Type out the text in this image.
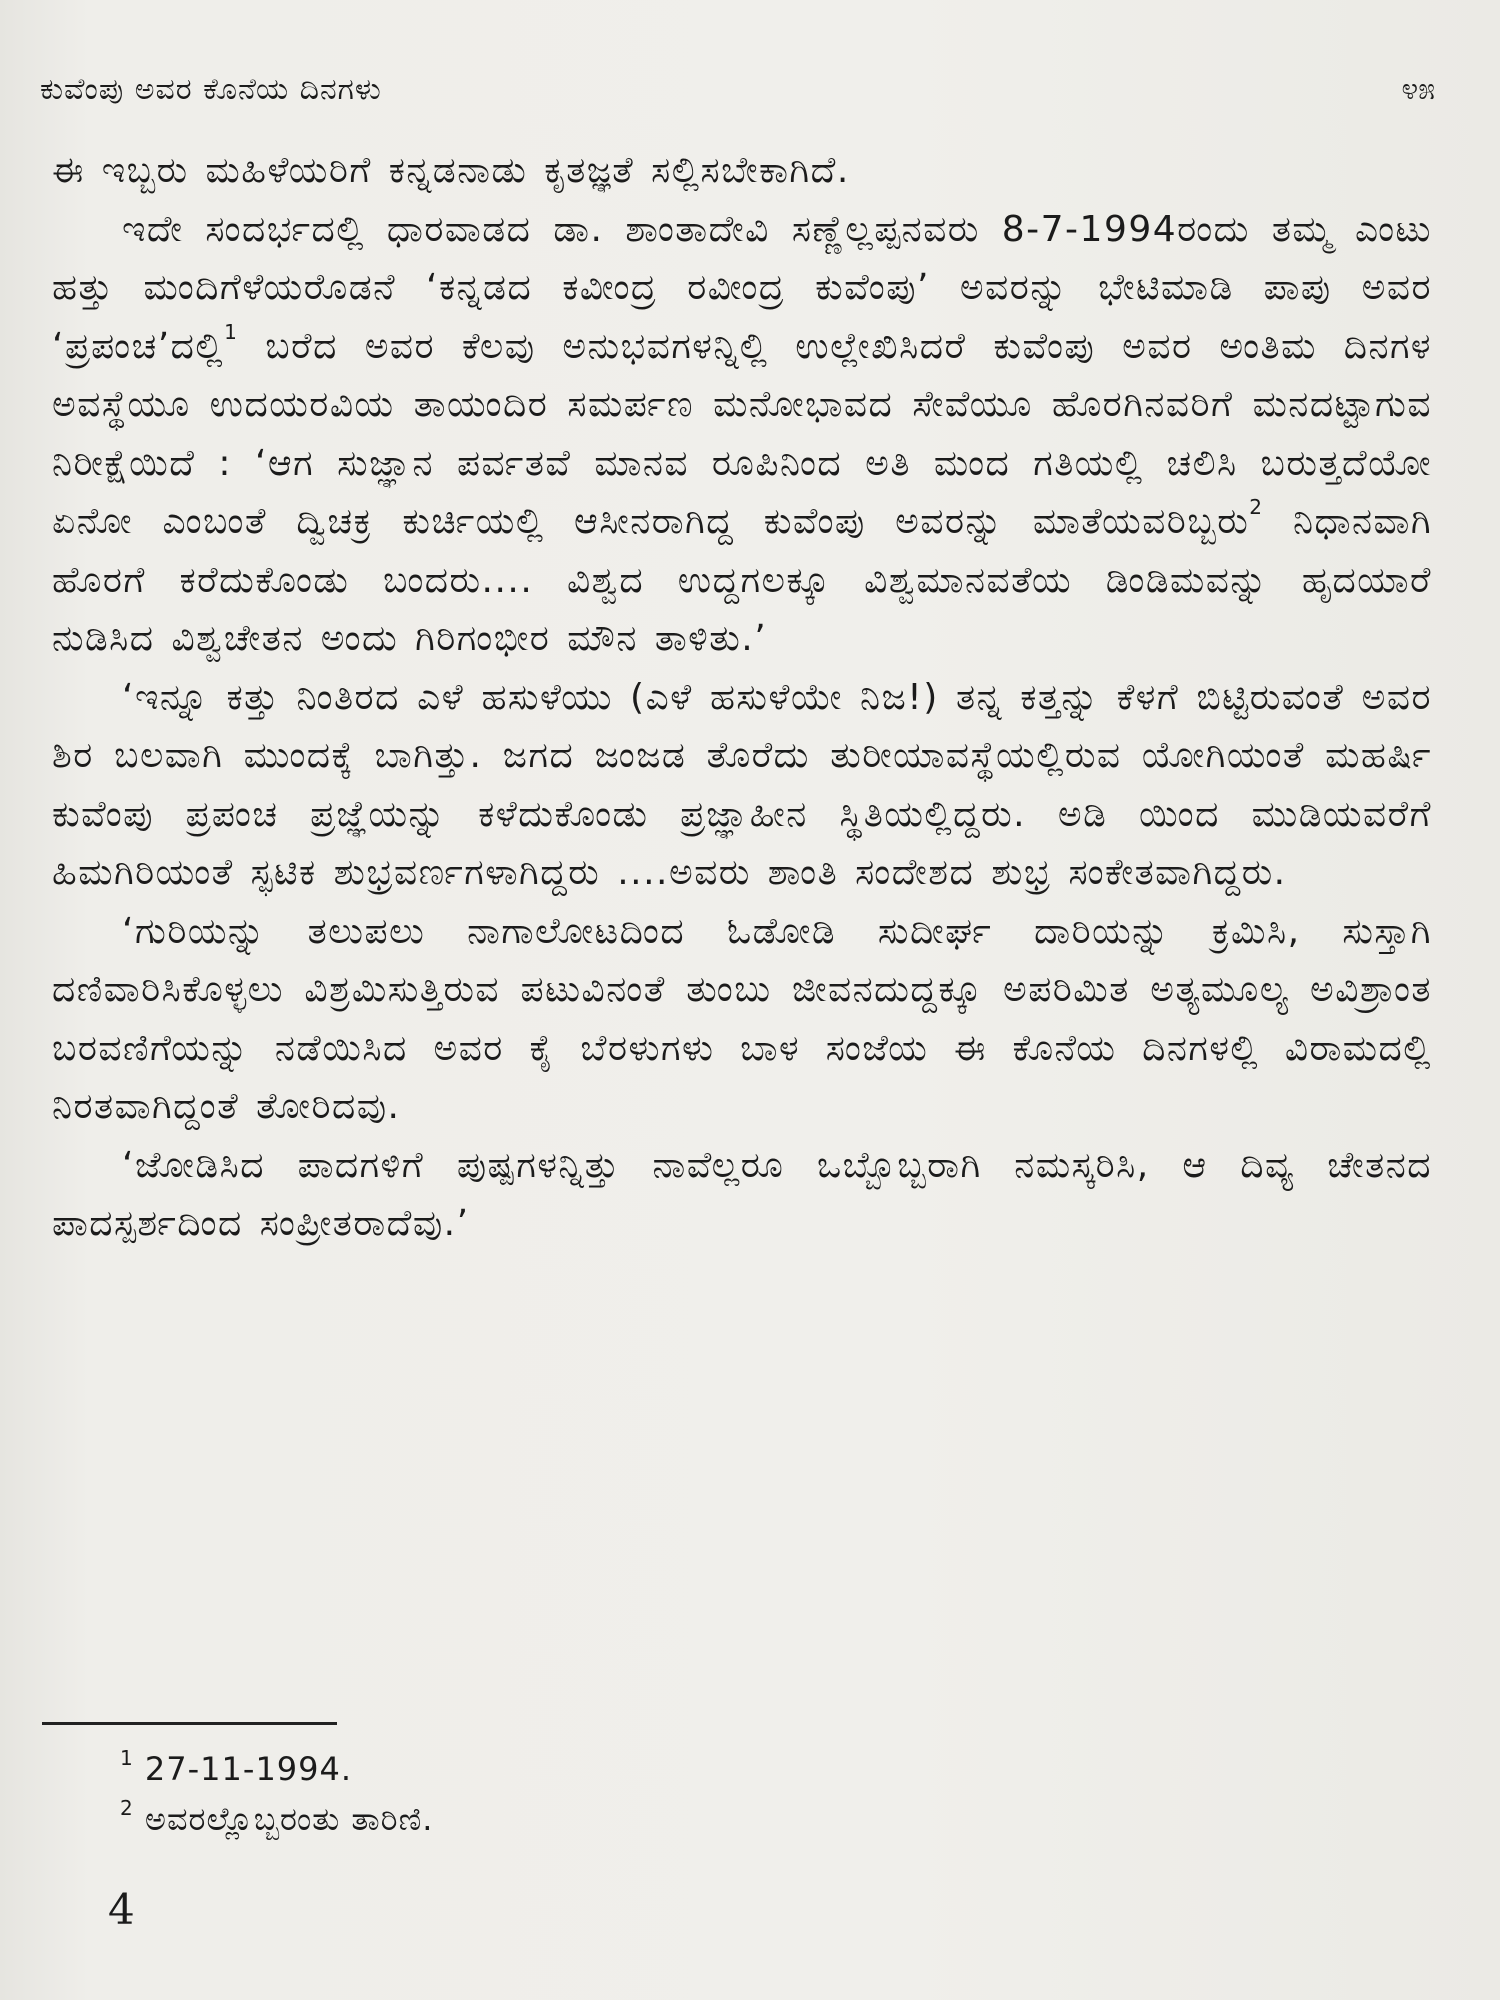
ಕುವೆಂಪು ಅವರ ಕೊನೆಯ ದಿನಗಳು	೪೫

ಈ ಇಬ್ಬರು ಮಹಿಳೆಯರಿಗೆ ಕನ್ನಡನಾಡು ಕೃತಜ್ಞತೆ ಸಲ್ಲಿಸಬೇಕಾಗಿದೆ.

ಇದೇ ಸಂದರ್ಭದಲ್ಲಿ ಧಾರವಾಡದ ಡಾ. ಶಾಂತಾದೇವಿ ಸಣ್ಣೆಲ್ಲಪ್ಪನವರು 8-7-1994ರಂದು ತಮ್ಮ ಎಂಟು ಹತ್ತು ಮಂದಿಗೆಳೆಯರೊಡನೆ ‘ಕನ್ನಡದ ಕವೀಂದ್ರ ರವೀಂದ್ರ ಕುವೆಂಪು’ ಅವರನ್ನು ಭೇಟಿಮಾಡಿ ಪಾಪು ಅವರ ‘ಪ್ರಪಂಚ’ದಲ್ಲಿ$^1$ ಬರೆದ ಅವರ ಕೆಲವು ಅನುಭವಗಳನ್ನಿಲ್ಲಿ ಉಲ್ಲೇಖಿಸಿದರೆ ಕುವೆಂಪು ಅವರ ಅಂತಿಮ ದಿನಗಳ ಅವಸ್ಥೆಯೂ ಉದಯರವಿಯ ತಾಯಂದಿರ ಸಮರ್ಪಣ ಮನೋಭಾವದ ಸೇವೆಯೂ ಹೊರಗಿನವರಿಗೆ ಮನದಟ್ಟಾಗುವ ನಿರೀಕ್ಷೆಯಿದೆ : ‘ಆಗ ಸುಜ್ಞಾನ ಪರ್ವತವೆ ಮಾನವ ರೂಪಿನಿಂದ ಅತಿ ಮಂದ ಗತಿಯಲ್ಲಿ ಚಲಿಸಿ ಬರುತ್ತದೆಯೋ ಏನೋ ಎಂಬಂತೆ ದ್ವಿಚಕ್ರ ಕುರ್ಚಿಯಲ್ಲಿ ಆಸೀನರಾಗಿದ್ದ ಕುವೆಂಪು ಅವರನ್ನು ಮಾತೆಯವರಿಬ್ಬರು$^2$ ನಿಧಾನವಾಗಿ ಹೊರಗೆ ಕರೆದುಕೊಂಡು ಬಂದರು.... ವಿಶ್ವದ ಉದ್ದಗಲಕ್ಕೂ ವಿಶ್ವಮಾನವತೆಯ ಡಿಂಡಿಮವನ್ನು ಹೃದಯಾರೆ ನುಡಿಸಿದ ವಿಶ್ವಚೇತನ ಅಂದು ಗಿರಿಗಂಭೀರ ಮೌನ ತಾಳಿತು.’

‘ಇನ್ನೂ ಕತ್ತು ನಿಂತಿರದ ಎಳೆ ಹಸುಳೆಯು (ಎಳೆ ಹಸುಳೆಯೇ ನಿಜ!) ತನ್ನ ಕತ್ತನ್ನು ಕೆಳಗೆ ಬಿಟ್ಟಿರುವಂತೆ ಅವರ ಶಿರ ಬಲವಾಗಿ ಮುಂದಕ್ಕೆ ಬಾಗಿತ್ತು. ಜಗದ ಜಂಜಡ ತೊರೆದು ತುರೀಯಾವಸ್ಥೆಯಲ್ಲಿರುವ ಯೋಗಿಯಂತೆ ಮಹರ್ಷಿ ಕುವೆಂಪು ಪ್ರಪಂಚ ಪ್ರಜ್ಞೆಯನ್ನು ಕಳೆದುಕೊಂಡು ಪ್ರಜ್ಞಾಹೀನ ಸ್ಥಿತಿಯಲ್ಲಿದ್ದರು. ಅಡಿ ಯಿಂದ ಮುಡಿಯವರೆಗೆ ಹಿಮಗಿರಿಯಂತೆ ಸ್ಫಟಿಕ ಶುಭ್ರವರ್ಣಗಳಾಗಿದ್ದರು ....ಅವರು ಶಾಂತಿ ಸಂದೇಶದ ಶುಭ್ರ ಸಂಕೇತವಾಗಿದ್ದರು.

‘ಗುರಿಯನ್ನು ತಲುಪಲು ನಾಗಾಲೋಟದಿಂದ ಓಡೋಡಿ ಸುದೀರ್ಘ ದಾರಿಯನ್ನು ಕ್ರಮಿಸಿ, ಸುಸ್ತಾಗಿ ದಣಿವಾರಿಸಿಕೊಳ್ಳಲು ವಿಶ್ರಮಿಸುತ್ತಿರುವ ಪಟುವಿನಂತೆ ತುಂಬು ಜೀವನದುದ್ದಕ್ಕೂ ಅಪರಿಮಿತ ಅತ್ಯಮೂಲ್ಯ ಅವಿಶ್ರಾಂತ ಬರವಣಿಗೆಯನ್ನು ನಡೆಯಿಸಿದ ಅವರ ಕೈ ಬೆರಳುಗಳು ಬಾಳ ಸಂಜೆಯ ಈ ಕೊನೆಯ ದಿನಗಳಲ್ಲಿ ವಿರಾಮದಲ್ಲಿ ನಿರತವಾಗಿದ್ದಂತೆ ತೋರಿದವು.

‘ಜೋಡಿಸಿದ ಪಾದಗಳಿಗೆ ಪುಷ್ಪಗಳನ್ನಿತ್ತು ನಾವೆಲ್ಲರೂ ಒಬ್ಬೊಬ್ಬರಾಗಿ ನಮಸ್ಕರಿಸಿ, ಆ ದಿವ್ಯ ಚೇತನದ ಪಾದಸ್ಪರ್ಶದಿಂದ ಸಂಪ್ರೀತರಾದೆವು.’

$^1$ 27-11-1994.
$^2$ ಅವರಲ್ಲೊಬ್ಬರಂತು ತಾರಿಣಿ.
4
